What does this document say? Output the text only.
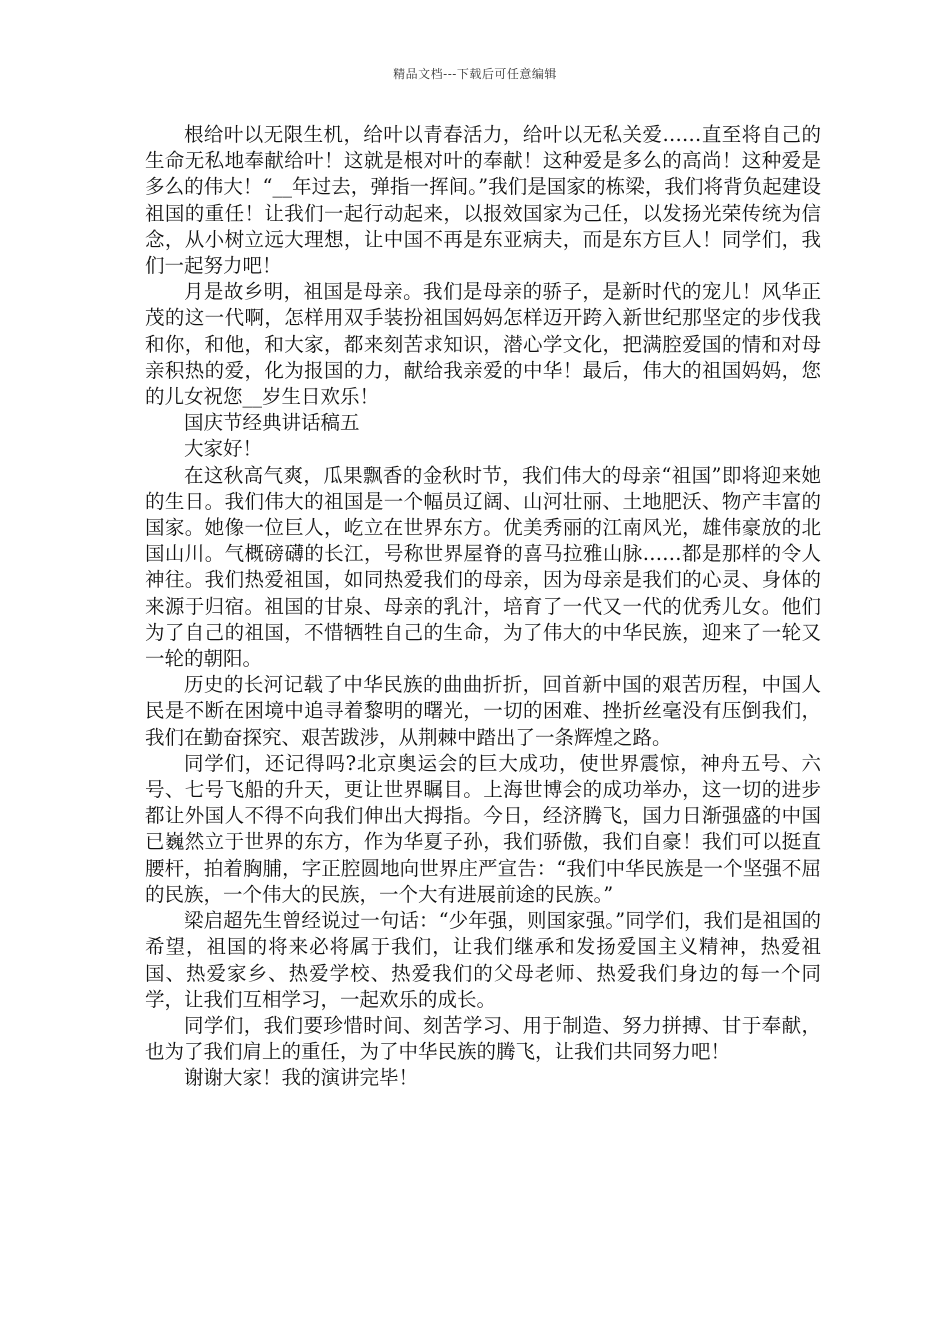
精品文档---下载后可任意编辑

根给叶以无限生机，给叶以青春活力，给叶以无私关爱……直至将自己的生命无私地奉献给叶！这就是根对叶的奉献！这种爱是多么的高尚！这种爱是多么的伟大！“__年过去，弹指一挥间。”我们是国家的栋梁，我们将背负起建设祖国的重任！让我们一起行动起来，以报效国家为己任，以发扬光荣传统为信念，从小树立远大理想，让中国不再是东亚病夫，而是东方巨人！同学们，我们一起努力吧！

月是故乡明，祖国是母亲。我们是母亲的骄子，是新时代的宠儿！风华正茂的这一代啊，怎样用双手装扮祖国妈妈怎样迈开跨入新世纪那坚定的步伐我和你，和他，和大家，都来刻苦求知识，潜心学文化，把满腔爱国的情和对母亲积热的爱，化为报国的力，献给我亲爱的中华！最后，伟大的祖国妈妈，您的儿女祝您__岁生日欢乐！

国庆节经典讲话稿五

大家好！

在这秋高气爽，瓜果飘香的金秋时节，我们伟大的母亲“祖国”即将迎来她的生日。我们伟大的祖国是一个幅员辽阔、山河壮丽、土地肥沃、物产丰富的国家。她像一位巨人，屹立在世界东方。优美秀丽的江南风光，雄伟豪放的北国山川。气概磅礴的长江，号称世界屋脊的喜马拉雅山脉……都是那样的令人神往。我们热爱祖国，如同热爱我们的母亲，因为母亲是我们的心灵、身体的来源于归宿。祖国的甘泉、母亲的乳汁，培育了一代又一代的优秀儿女。他们为了自己的祖国，不惜牺牲自己的生命，为了伟大的中华民族，迎来了一轮又一轮的朝阳。

历史的长河记载了中华民族的曲曲折折，回首新中国的艰苦历程，中国人民是不断在困境中追寻着黎明的曙光，一切的困难、挫折丝毫没有压倒我们，我们在勤奋探究、艰苦跋涉，从荆棘中踏出了一条辉煌之路。

同学们，还记得吗?北京奥运会的巨大成功，使世界震惊，神舟五号、六号、七号飞船的升天，更让世界瞩目。上海世博会的成功举办，这一切的进步都让外国人不得不向我们伸出大拇指。今日，经济腾飞，国力日渐强盛的中国已巍然立于世界的东方，作为华夏子孙，我们骄傲，我们自豪！我们可以挺直腰杆，拍着胸脯，字正腔圆地向世界庄严宣告：“我们中华民族是一个坚强不屈的民族，一个伟大的民族，一个大有进展前途的民族。”

梁启超先生曾经说过一句话：“少年强，则国家强。”同学们，我们是祖国的希望，祖国的将来必将属于我们，让我们继承和发扬爱国主义精神，热爱祖国、热爱家乡、热爱学校、热爱我们的父母老师、热爱我们身边的每一个同学，让我们互相学习，一起欢乐的成长。

同学们，我们要珍惜时间、刻苦学习、用于制造、努力拼搏、甘于奉献，也为了我们肩上的重任，为了中华民族的腾飞，让我们共同努力吧！

谢谢大家！我的演讲完毕！
